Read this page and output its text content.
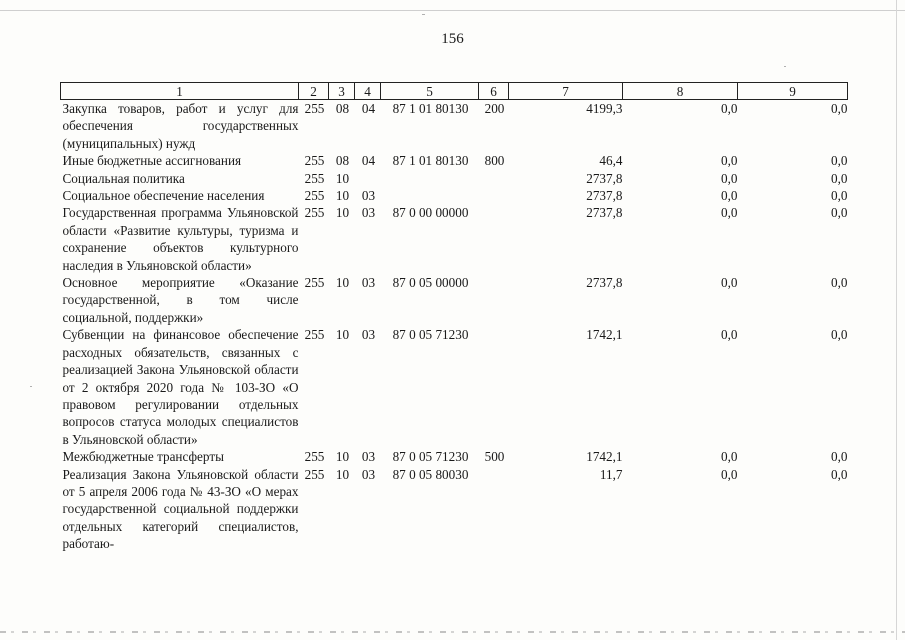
156
1	2	3	4	5	6	7	8	9
Закупка товаров, работ и услуг для обеспечения государственных (муниципальных) нужд	255	08	04	87 1 01 80130	200	4199,3	0,0	0,0
Иные бюджетные ассигнования	255	08	04	87 1 01 80130	800	46,4	0,0	0,0
Социальная политика	255	10				2737,8	0,0	0,0
Социальное обеспечение населения	255	10	03			2737,8	0,0	0,0
Государственная программа Ульяновской области «Развитие культуры, туризма и сохранение объектов культурного наследия в Ульяновской области»	255	10	03	87 0 00 00000		2737,8	0,0	0,0
Основное мероприятие «Оказание государственной, в том числе социальной, поддержки»	255	10	03	87 0 05 00000		2737,8	0,0	0,0
Субвенции на финансовое обеспечение расходных обязательств, связанных с реализацией Закона Ульяновской области от 2 октября 2020 года № 103-ЗО «О правовом регулировании отдельных вопросов статуса молодых специалистов в Ульяновской области»	255	10	03	87 0 05 71230		1742,1	0,0	0,0
Межбюджетные трансферты	255	10	03	87 0 05 71230	500	1742,1	0,0	0,0
Реализация Закона Ульяновской области от 5 апреля 2006 года № 43-ЗО «О мерах государственной социальной поддержки отдельных категорий специалистов, работаю-	255	10	03	87 0 05 80030		11,7	0,0	0,0
